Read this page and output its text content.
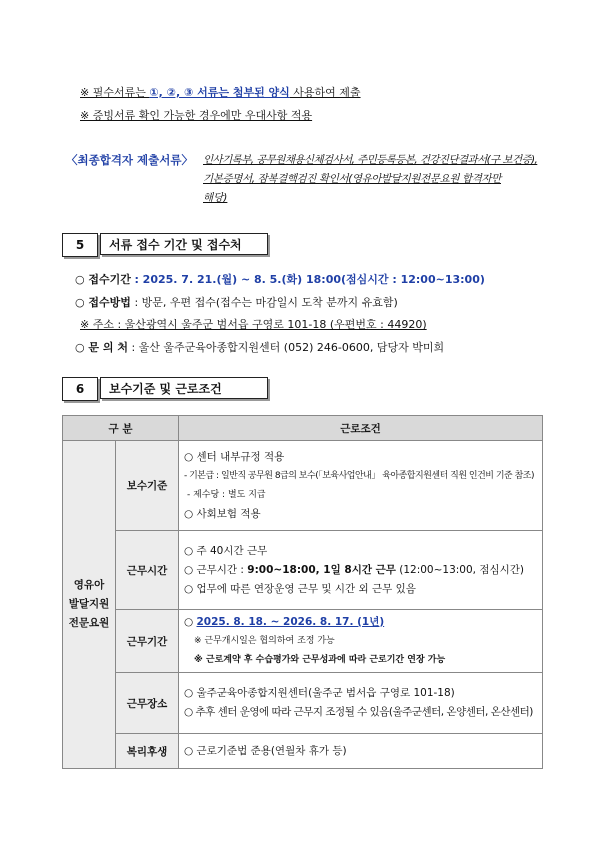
※ 필수서류는 ①, ②, ③ 서류는 첨부된 양식 사용하여 제출
※ 증빙서류 확인 가능한 경우에만 우대사항 적용
〈최종합격자 제출서류〉 인사기록부, 공무원채용신체검사서, 주민등록등본, 건강진단결과서(구 보건증),
기본증명서, 잠복결핵검진 확인서(영유아발달지원전문요원 합격자만
해당)
5	서류 접수 기간 및 접수처
○ 접수기간 : 2025. 7. 21.(월) ~ 8. 5.(화) 18:00(점심시간 : 12:00~13:00)
○ 접수방법 : 방문, 우편 접수(접수는 마감일시 도착 분까지 유효함)
※ 주소 : 울산광역시 울주군 범서읍 구영로 101-18 (우편번호 : 44920)
○ 문 의 처 : 울산 울주군육아종합지원센터 (052) 246-0600, 담당자 박미희
6	보수기준 및 근로조건
구 분		근로조건

영유아
발달지원
전문요원	보수기준	○ 센터 내부규정 적용
- 기본급 : 일반직 공무원 8급의 보수(「보육사업안내」 육아종합지원센터 직원 인건비 기준 참조)
- 제수당 : 별도 지급
○ 사회보험 적용

	근무시간	○ 주 40시간 근무
○ 근무시간 : 9:00~18:00, 1일 8시간 근무 (12:00~13:00, 점심시간)
○ 업무에 따른 연장운영 근무 및 시간 외 근무 있음

	근무기간	○ 2025. 8. 18. ~ 2026. 8. 17. (1년)
※ 근무개시일은 협의하여 조정 가능
※ 근로계약 후 수습평가와 근무성과에 따라 근로기간 연장 가능

	근무장소	○ 울주군육아종합지원센터(울주군 범서읍 구영로 101-18)
○ 추후 센터 운영에 따라 근무지 조정될 수 있음(울주군센터, 온양센터, 온산센터)

	복리후생	○ 근로기준법 준용(연월차 휴가 등)
